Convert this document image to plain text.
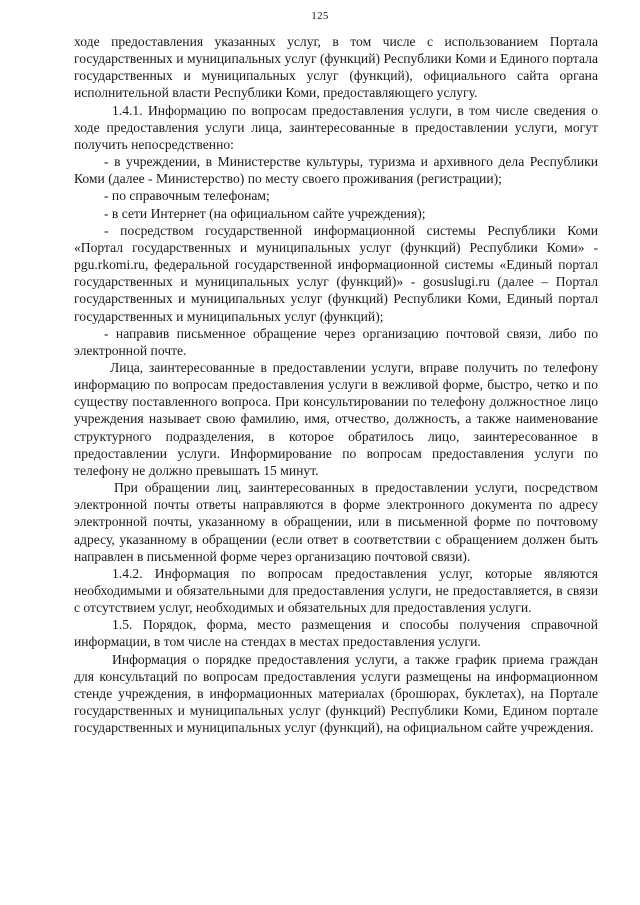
125

ходе предоставления указанных услуг, в том числе с использованием Портала государственных и муниципальных услуг (функций) Республики Коми и Единого портала государственных и муниципальных услуг (функций), официального сайта органа исполнительной власти Республики Коми, предоставляющего услугу.

1.4.1. Информацию по вопросам предоставления услуги, в том числе сведения о ходе предоставления услуги лица, заинтересованные в предоставлении услуги, могут получить непосредственно:

- в учреждении, в Министерстве культуры, туризма и архивного дела Республики Коми (далее - Министерство) по месту своего проживания (регистрации);

- по справочным телефонам;

- в сети Интернет (на официальном сайте учреждения);

- посредством государственной информационной системы Республики Коми «Портал государственных и муниципальных услуг (функций) Республики Коми» - pgu.rkomi.ru, федеральной государственной информационной системы «Единый портал государственных и муниципальных услуг (функций)» - gosuslugi.ru (далее – Портал государственных и муниципальных услуг (функций) Республики Коми, Единый портал государственных и муниципальных услуг (функций);

- направив письменное обращение через организацию почтовой связи, либо по электронной почте.

Лица, заинтересованные в предоставлении услуги, вправе получить по телефону информацию по вопросам предоставления услуги в вежливой форме, быстро, четко и по существу поставленного вопроса. При консультировании по телефону должностное лицо учреждения называет свою фамилию, имя, отчество, должность, а также наименование структурного подразделения, в которое обратилось лицо, заинтересованное в предоставлении услуги. Информирование по вопросам предоставления услуги по телефону не должно превышать 15 минут.

При обращении лиц, заинтересованных в предоставлении услуги, посредством электронной почты ответы направляются в форме электронного документа по адресу электронной почты, указанному в обращении, или в письменной форме по почтовому адресу, указанному в обращении (если ответ в соответствии с обращением должен быть направлен в письменной форме через организацию почтовой связи).

1.4.2. Информация по вопросам предоставления услуг, которые являются необходимыми и обязательными для предоставления услуги, не предоставляется, в связи с отсутствием услуг, необходимых и обязательных для предоставления услуги.

1.5. Порядок, форма, место размещения и способы получения справочной информации, в том числе на стендах в местах предоставления услуги.

Информация о порядке предоставления услуги, а также график приема граждан для консультаций по вопросам предоставления услуги размещены на информационном стенде учреждения, в информационных материалах (брошюрах, буклетах), на Портале государственных и муниципальных услуг (функций) Республики Коми, Едином портале государственных и муниципальных услуг (функций), на официальном сайте учреждения.
